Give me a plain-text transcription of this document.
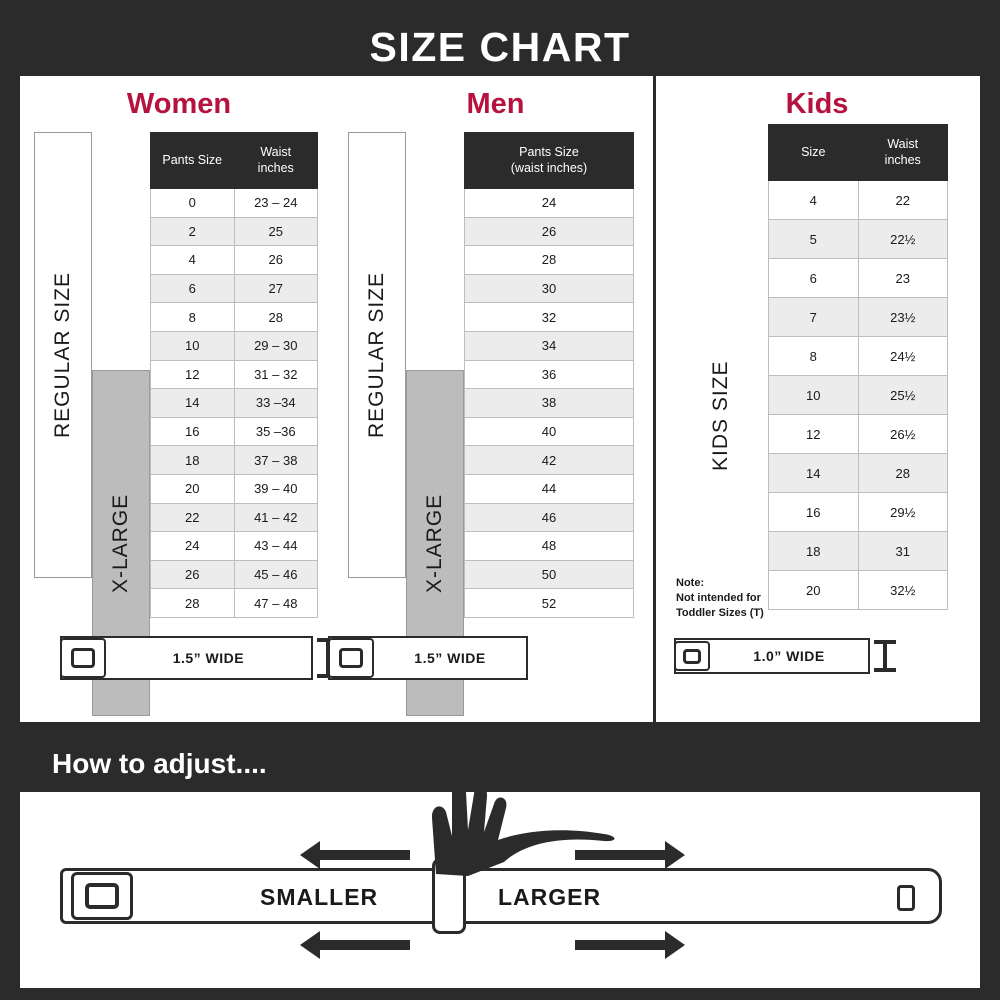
SIZE CHART
Women
REGULAR SIZE
X-LARGE
Pants Size	Waist
inches
0	23 – 24
2	25
4	26
6	27
8	28
10	29 – 30
12	31 – 32
14	33 –34
16	35 –36
18	37 – 38
20	39 – 40
22	41 – 42
24	43 – 44
26	45 – 46
28	47 – 48
1.5” WIDE
Men
REGULAR SIZE
X-LARGE
Pants Size
(waist inches)
24
26
28
30
32
34
36
38
40
42
44
46
48
50
52
1.5” WIDE
Kids
KIDS SIZE
Note:
Not intended for
Toddler Sizes (T)
Size	Waist
inches
4	22
5	22½
6	23
7	23½
8	24½
10	25½
12	26½
14	28
16	29½
18	31
20	32½
1.0” WIDE
How to adjust....
SMALLER	LARGER
